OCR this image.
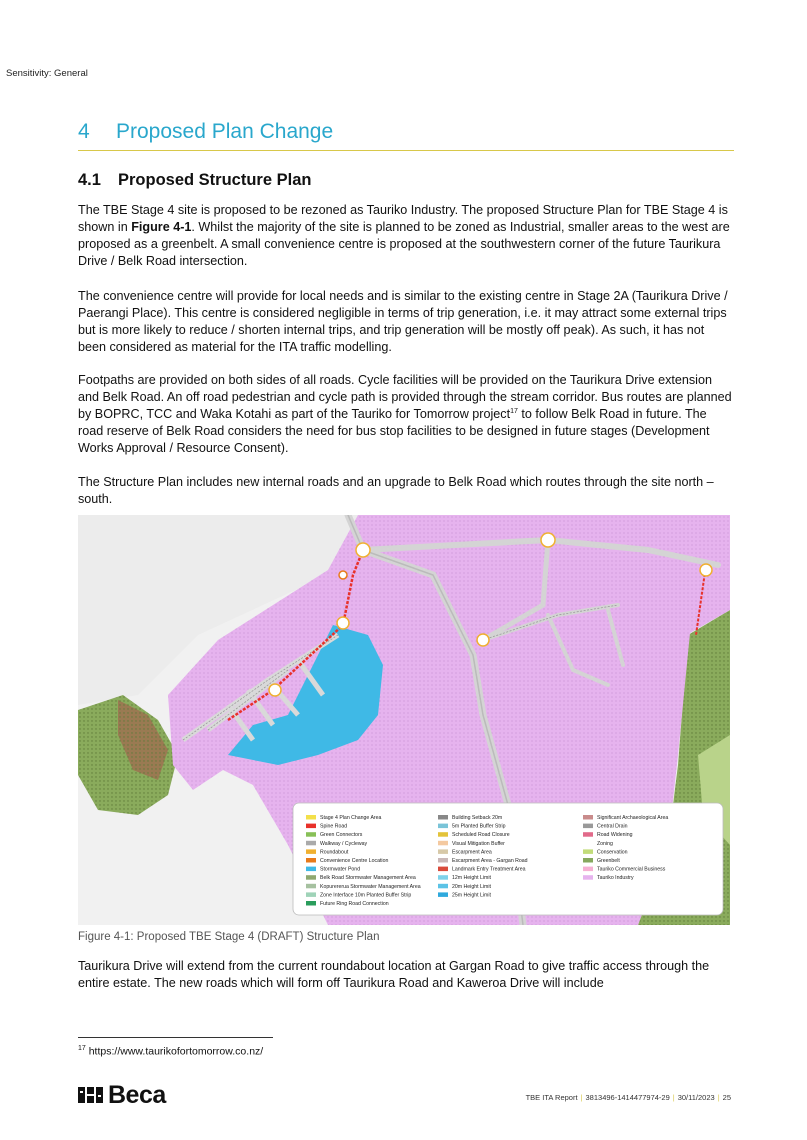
Sensitivity: General
4 Proposed Plan Change
4.1 Proposed Structure Plan

The TBE Stage 4 site is proposed to be rezoned as Tauriko Industry. The proposed Structure Plan for TBE Stage 4 is shown in Figure 4-1. Whilst the majority of the site is planned to be zoned as Industrial, smaller areas to the west are proposed as a greenbelt. A small convenience centre is proposed at the southwestern corner of the future Taurikura Drive / Belk Road intersection.

The convenience centre will provide for local needs and is similar to the existing centre in Stage 2A (Taurikura Drive / Paerangi Place). This centre is considered negligible in terms of trip generation, i.e. it may attract some external trips but is more likely to reduce / shorten internal trips, and trip generation will be mostly off peak). As such, it has not been considered as material for the ITA traffic modelling.

Footpaths are provided on both sides of all roads. Cycle facilities will be provided on the Taurikura Drive extension and Belk Road. An off road pedestrian and cycle path is provided through the stream corridor. Bus routes are planned by BOPRC, TCC and Waka Kotahi as part of the Tauriko for Tomorrow project$^{17}$ to follow Belk Road in future. The road reserve of Belk Road considers the need for bus stop facilities to be designed in future stages (Development Works Approval / Resource Consent).

The Structure Plan includes new internal roads and an upgrade to Belk Road which routes through the site north – south.

Stage 4 Plan Change Area
Spine Road
Green Connectors
Walkway / Cycleway
Roundabout
Convenience Centre Location
Stormwater Pond
Belk Road Stormwater Management Area
Kopurererua Stormwater Management Area
Zone Interface 10m Planted Buffer Strip
Future Ring Road Connection
Building Setback 20m
5m Planted Buffer Strip
Scheduled Road Closure
Visual Mitigation Buffer
Escarpment Area
Escarpment Area - Gargan Road
Landmark Entry Treatment Area
12m Height Limit
20m Height Limit
25m Height Limit
Significant Archaeological Area
Central Drain
Road Widening
Zoning
Conservation
Greenbelt
Tauriko Commercial Business
Tauriko Industry
Figure 4-1: Proposed TBE Stage 4 (DRAFT) Structure Plan

Taurikura Drive will extend from the current roundabout location at Gargan Road to give traffic access through the entire estate. The new roads which will form off Taurikura Road and Kaweroa Drive will include

$^{17}$ https://www.taurikofortomorrow.co.nz/
Beca	TBE ITA Report | 3813496-1414477974-29 | 30/11/2023 | 25
